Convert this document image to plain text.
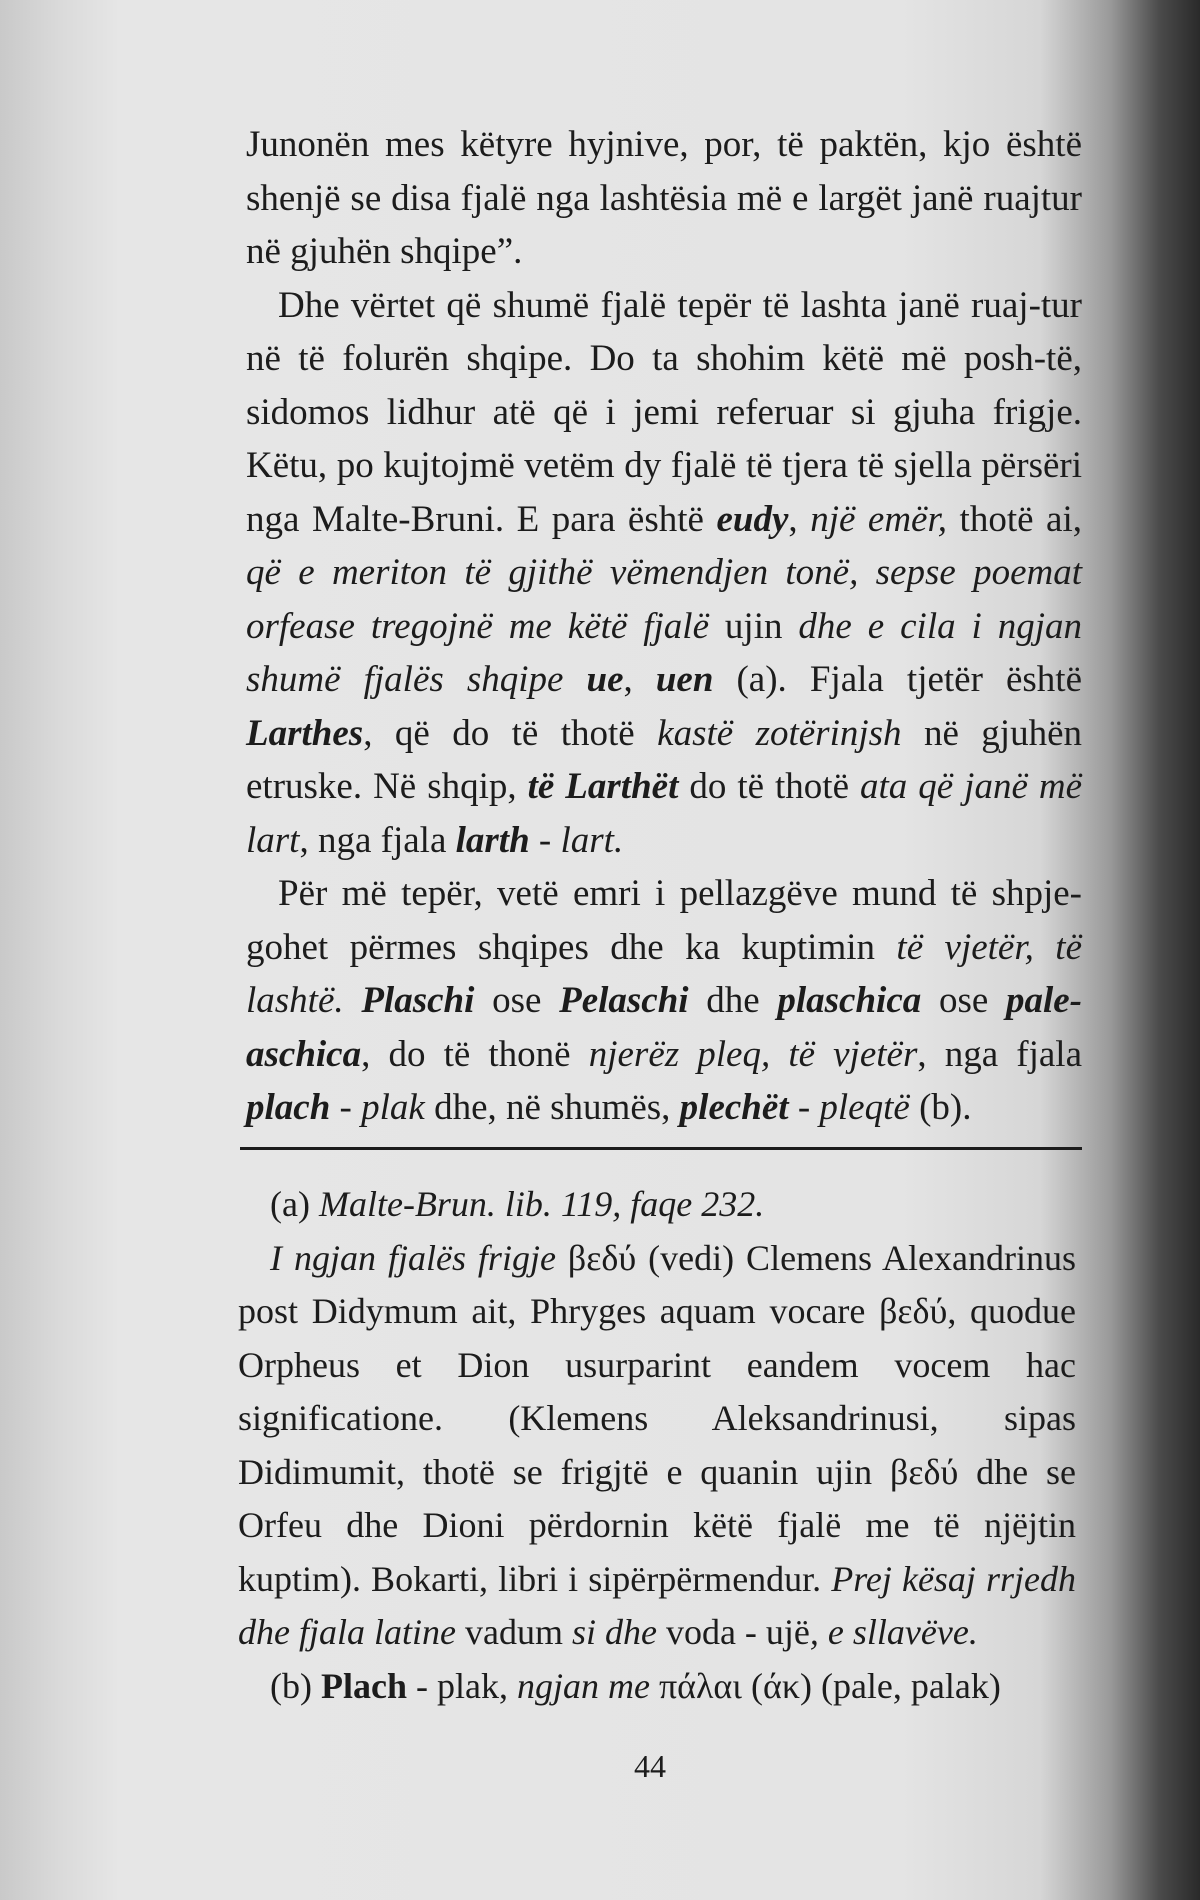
Junonën mes këtyre hyjnive, por, të paktën, kjo është shenjë se disa fjalë nga lashtësia më e largët janë ruajtur në gjuhën shqipe”.

Dhe vërtet që shumë fjalë tepër të lashta janë ruaj-tur në të folurën shqipe. Do ta shohim këtë më posh-të, sidomos lidhur atë që i jemi referuar si gjuha frigje. Këtu, po kujtojmë vetëm dy fjalë të tjera të sjella përsëri nga Malte-Bruni. E para është eudy, një emër, thotë ai, që e meriton të gjithë vëmendjen tonë, sepse poemat orfease tregojnë me këtë fjalë ujin dhe e cila i ngjan shumë fjalës shqipe ue, uen (a). Fjala tjetër është Larthes, që do të thotë kastë zotërinjsh në gjuhën etruske. Në shqip, të Larthët do të thotë ata që janë më lart, nga fjala larth - lart.

Për më tepër, vetë emri i pellazgëve mund të shpje-gohet përmes shqipes dhe ka kuptimin të vjetër, të lashtë. Plaschi ose Pelaschi dhe plaschica ose pale-aschica, do të thonë njerëz pleq, të vjetër, nga fjala plach - plak dhe, në shumës, plechët - pleqtë (b).

(a) Malte-Brun. lib. 119, faqe 232.

I ngjan fjalës frigje βεδύ (vedi) Clemens Alexandrinus post Didymum ait, Phryges aquam vocare βεδύ, quodue Orpheus et Dion usurparint eandem vocem hac significatione. (Klemens Aleksandrinusi, sipas Didimumit, thotë se frigjtë e quanin ujin βεδύ dhe se Orfeu dhe Dioni përdornin këtë fjalë me të njëjtin kuptim). Bokarti, libri i sipërpërmendur. Prej kësaj rrjedh dhe fjala latine vadum si dhe voda - ujë, e sllavëve.

(b) Plach - plak, ngjan me πάλαι (άκ) (pale, palak)

44
